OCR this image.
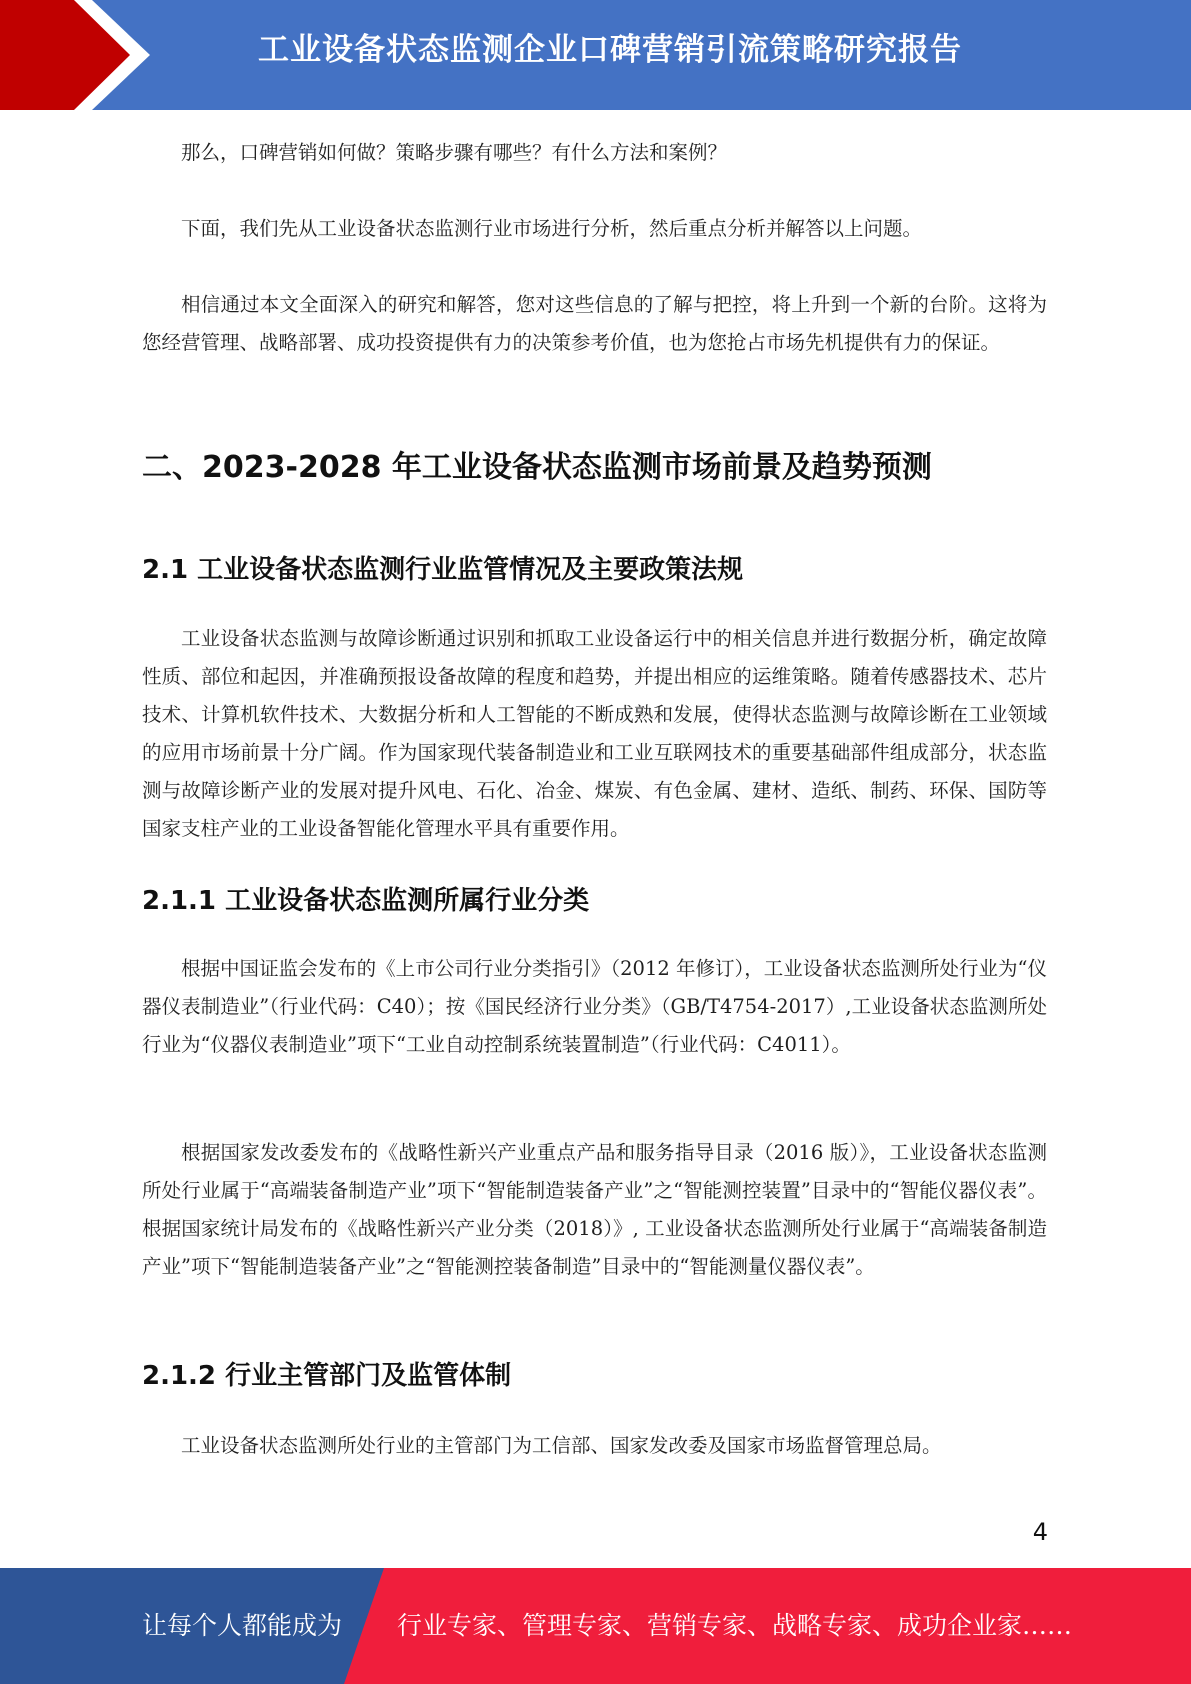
工业设备状态监测企业口碑营销引流策略研究报告

那么，口碑营销如何做？策略步骤有哪些？有什么方法和案例？

下面，我们先从工业设备状态监测行业市场进行分析，然后重点分析并解答以上问题。

相信通过本文全面深入的研究和解答，您对这些信息的了解与把控，将上升到一个新的台阶。这将为您经营管理、战略部署、成功投资提供有力的决策参考价值，也为您抢占市场先机提供有力的保证。

二、2023-2028 年工业设备状态监测市场前景及趋势预测
2.1 工业设备状态监测行业监管情况及主要政策法规

工业设备状态监测与故障诊断通过识别和抓取工业设备运行中的相关信息并进行数据分析，确定故障性质、部位和起因，并准确预报设备故障的程度和趋势，并提出相应的运维策略。随着传感器技术、芯片技术、计算机软件技术、大数据分析和人工智能的不断成熟和发展，使得状态监测与故障诊断在工业领域的应用市场前景十分广阔。作为国家现代装备制造业和工业互联网技术的重要基础部件组成部分，状态监测与故障诊断产业的发展对提升风电、石化、冶金、煤炭、有色金属、建材、造纸、制药、环保、国防等国家支柱产业的工业设备智能化管理水平具有重要作用。

2.1.1 工业设备状态监测所属行业分类

根据中国证监会发布的《上市公司行业分类指引》（2012 年修订），工业设备状态监测所处行业为“仪器仪表制造业”（行业代码：C40）；按《国民经济行业分类》（GB/T4754-2017）,工业设备状态监测所处行业为“仪器仪表制造业”项下“工业自动控制系统装置制造”（行业代码：C4011）。

根据国家发改委发布的《战略性新兴产业重点产品和服务指导目录（2016 版）》，工业设备状态监测所处行业属于“高端装备制造产业”项下“智能制造装备产业”之“智能测控装置”目录中的“智能仪器仪表”。根据国家统计局发布的《战略性新兴产业分类（2018）》, 工业设备状态监测所处行业属于“高端装备制造产业”项下“智能制造装备产业”之“智能测控装备制造”目录中的“智能测量仪器仪表”。

2.1.2 行业主管部门及监管体制

工业设备状态监测所处行业的主管部门为工信部、国家发改委及国家市场监督管理总局。

4
让每个人都能成为 行业专家、管理专家、营销专家、战略专家、成功企业家……
